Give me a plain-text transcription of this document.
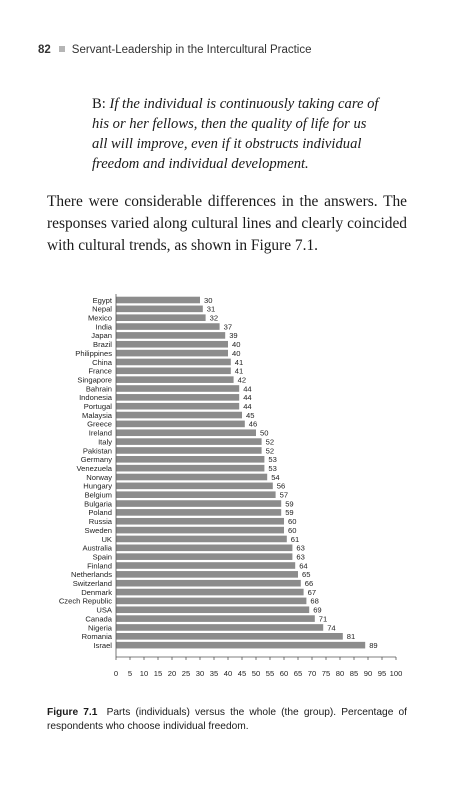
82 Servant-Leadership in the Intercultural Practice
B: If the individual is continuously taking care of his or her fellows, then the quality of life for us all will improve, even if it obstructs individual freedom and individual development.
There were considerable differences in the answers. The responses varied along cultural lines and clearly coincided with cultural trends, as shown in Figure 7.1.
Egypt	30
Nepal	31
Mexico	32
India	37
Japan	39
Brazil	40
Philippines	40
China	41
France	41
Singapore	42
Bahrain	44
Indonesia	44
Portugal	44
Malaysia	45
Greece	46
Ireland	50
Italy	52
Pakistan	52
Germany	53
Venezuela	53
Norway	54
Hungary	56
Belgium	57
Bulgaria	59
Poland	59
Russia	60
Sweden	60
UK	61
Australia	63
Spain	63
Finland	64
Netherlands	65
Switzerland	66
Denmark	67
Czech Republic	68
USA	69
Canada	71
Nigeria	74
Romania	81
Israel	89
0 5 10 15 20 25 30 35 40 45 50 55 60 65 70 75 80 85 90 95 100
Figure 7.1 Parts (individuals) versus the whole (the group). Percentage of respondents who choose individual freedom.
